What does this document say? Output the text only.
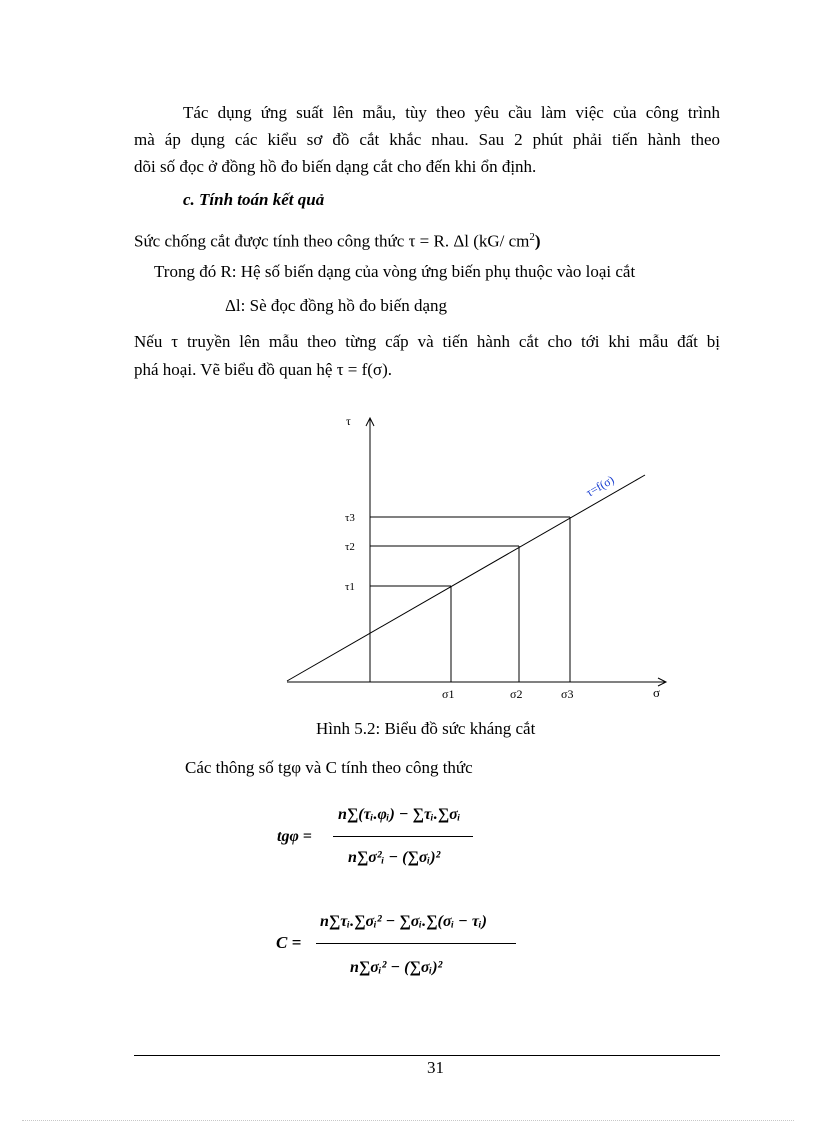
Tác dụng ứng suất lên mẫu, tùy theo yêu cầu làm việc của công trình
mà áp dụng các kiểu sơ đồ cắt khắc nhau. Sau 2 phút phải tiến hành theo
dõi số đọc ở đồng hồ đo biến dạng cắt cho đến khi ổn định.
c. Tính toán kết quả
Sức chống cắt được tính theo công thức τ = R. Δl (kG/ $cm^2$)
Trong đó R: Hệ số biến dạng của vòng ứng biến phụ thuộc vào loại cắt
Δl: Sè đọc đồng hồ đo biến dạng
Nếu τ truyền lên mẫu theo từng cấp và tiến hành cắt cho tới khi mẫu đất bị
phá hoại. Vẽ biểu đồ quan hệ τ = f(σ).
σ1
τ1
σ2
τ2
σ3
τ3
τ
σ
τ=f(σ)
Hình 5.2: Biểu đồ sức kháng cắt
Các thông số tgφ và C tính theo công thức
tgφ =
n∑(τᵢ.φᵢ) − ∑τᵢ.∑σᵢ
n∑σ²ᵢ − (∑σᵢ)²
C =
n∑τᵢ.∑σᵢ² − ∑σᵢ.∑(σᵢ − τᵢ)
n∑σᵢ² − (∑σᵢ)²
31
